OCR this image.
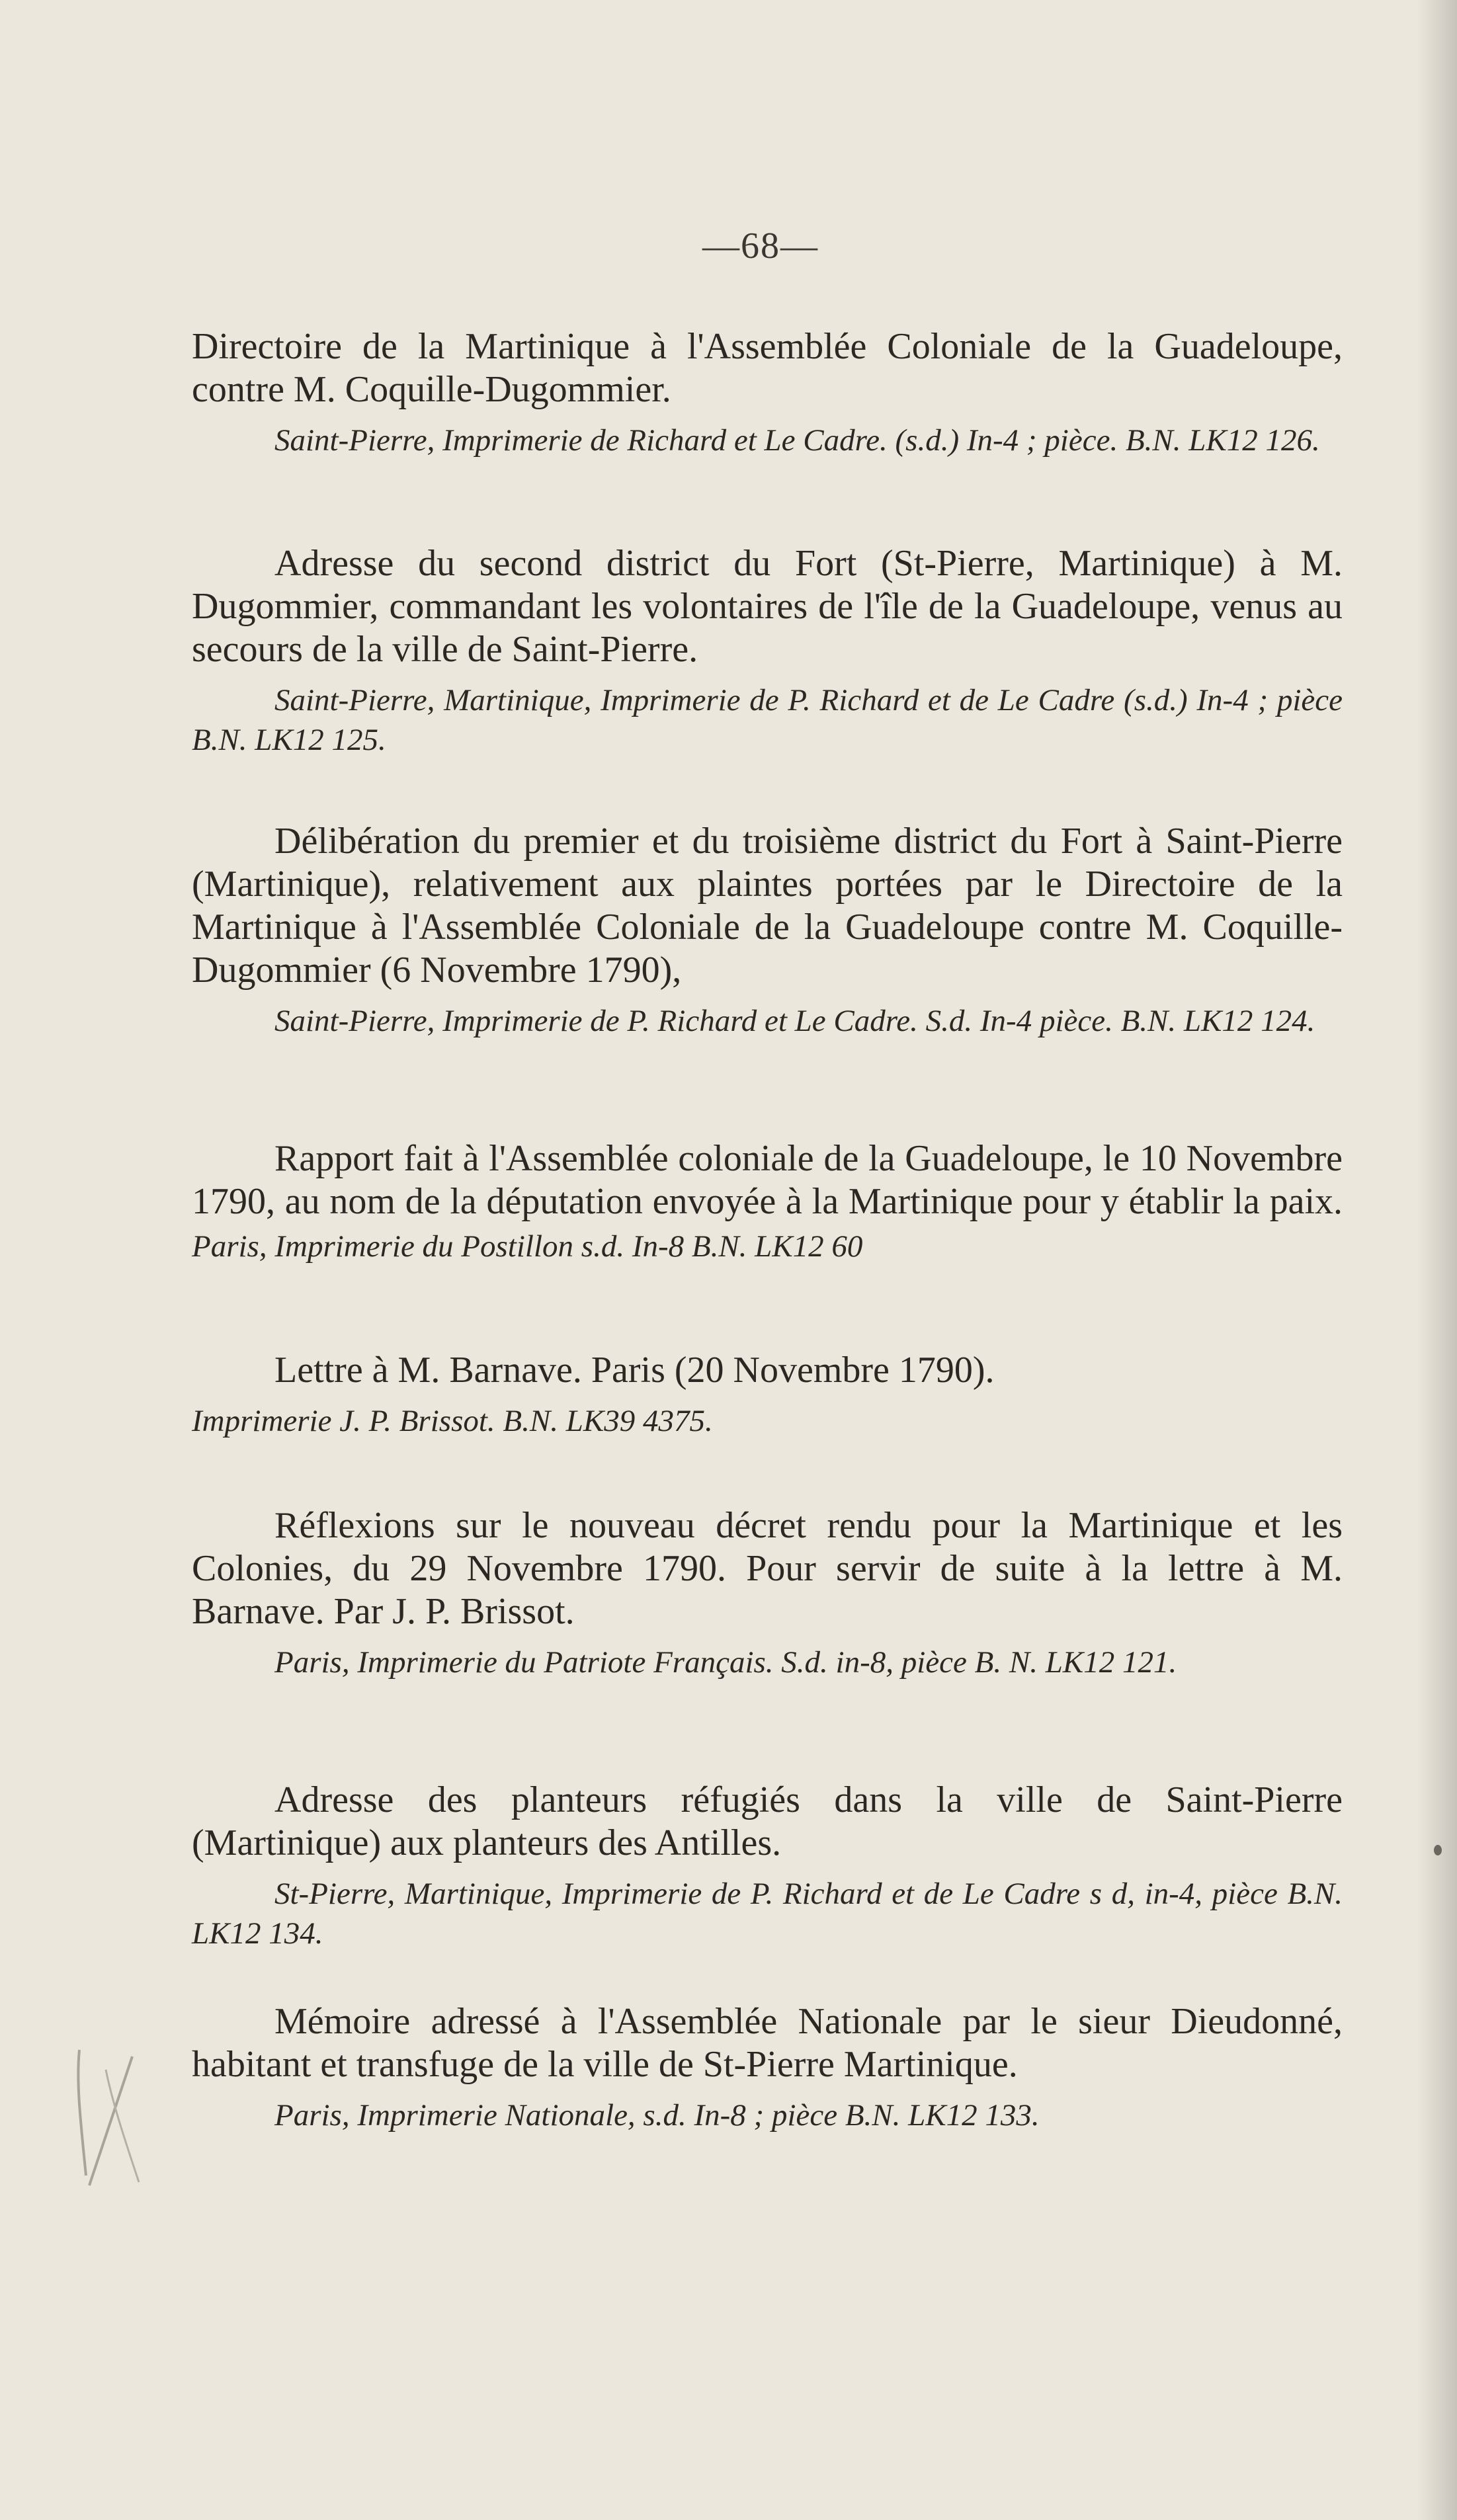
—68—

Directoire de la Martinique à l'Assemblée Coloniale de la Guadeloupe, contre M. Coquille-Dugommier.

Saint-Pierre, Imprimerie de Richard et Le Cadre. (s.d.) In-4 ; pièce. B.N. LK12 126.

Adresse du second district du Fort (St-Pierre, Martinique) à M. Dugommier, commandant les volontaires de l'île de la Guadeloupe, venus au secours de la ville de Saint-Pierre.

Saint-Pierre, Martinique, Imprimerie de P. Richard et de Le Cadre (s.d.) In-4 ; pièce B.N. LK12 125.

Délibération du premier et du troisième district du Fort à Saint-Pierre (Martinique), relativement aux plaintes portées par le Directoire de la Martinique à l'Assemblée Coloniale de la Guadeloupe contre M. Coquille-Dugommier (6 Novembre 1790),

Saint-Pierre, Imprimerie de P. Richard et Le Cadre. S.d. In-4 pièce. B.N. LK12 124.

Rapport fait à l'Assemblée coloniale de la Guadeloupe, le 10 Novembre 1790, au nom de la députation envoyée à la Martinique pour y établir la paix. Paris, Imprimerie du Postillon s.d. In-8 B.N. LK12 60

Lettre à M. Barnave. Paris (20 Novembre 1790).

Imprimerie J. P. Brissot. B.N. LK39 4375.

Réflexions sur le nouveau décret rendu pour la Martinique et les Colonies, du 29 Novembre 1790. Pour servir de suite à la lettre à M. Barnave. Par J. P. Brissot.

Paris, Imprimerie du Patriote Français. S.d. in-8, pièce B. N. LK12 121.

Adresse des planteurs réfugiés dans la ville de Saint-Pierre (Martinique) aux planteurs des Antilles.

St-Pierre, Martinique, Imprimerie de P. Richard et de Le Cadre s d, in-4, pièce B.N. LK12 134.

Mémoire adressé à l'Assemblée Nationale par le sieur Dieudonné, habitant et transfuge de la ville de St-Pierre Martinique.

Paris, Imprimerie Nationale, s.d. In-8 ; pièce B.N. LK12 133.
